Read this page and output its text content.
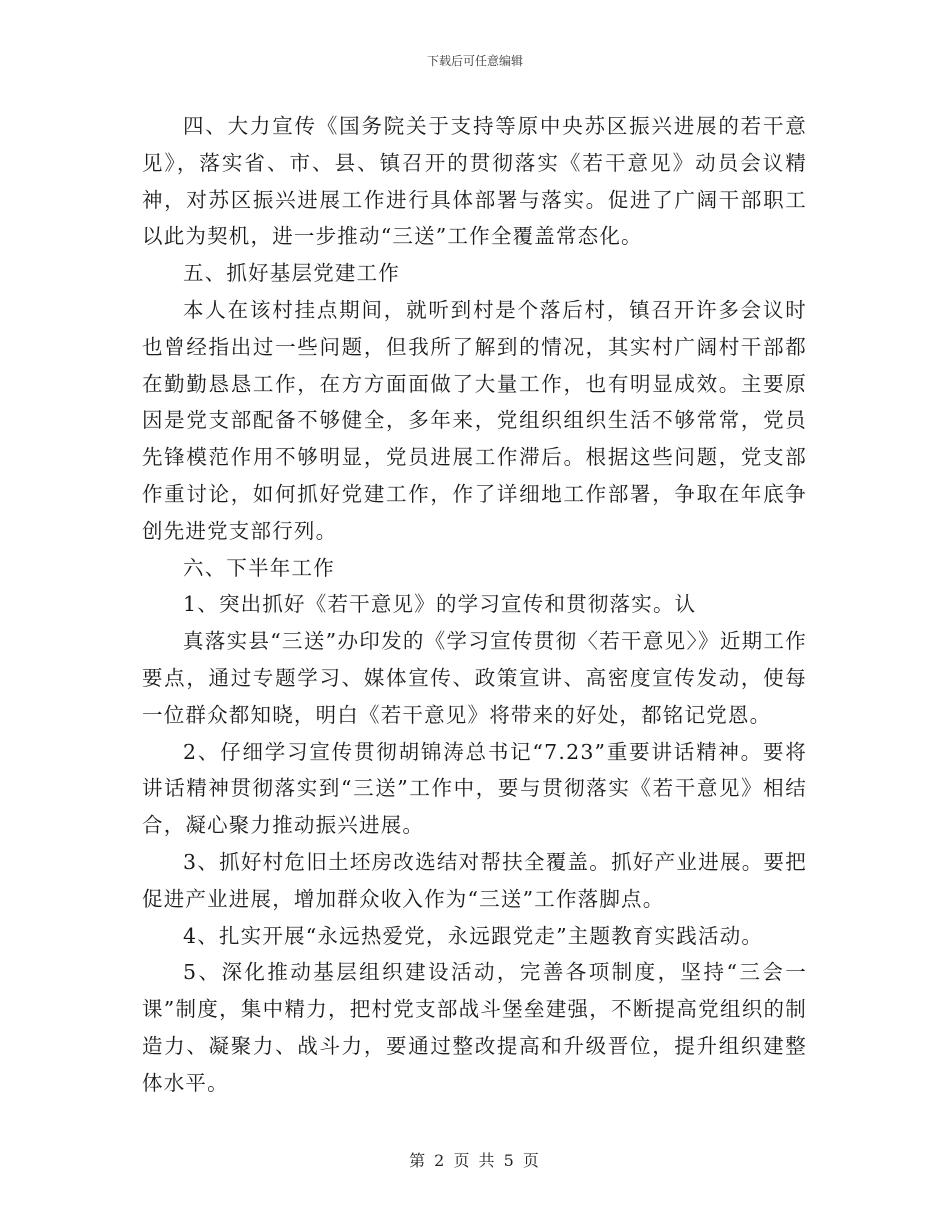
下载后可任意编辑

四、大力宣传《国务院关于支持等原中央苏区振兴进展的若干意见》，落实省、市、县、镇召开的贯彻落实《若干意见》动员会议精神，对苏区振兴进展工作进行具体部署与落实。促进了广阔干部职工以此为契机，进一步推动“三送”工作全覆盖常态化。

五、抓好基层党建工作

本人在该村挂点期间，就听到村是个落后村，镇召开许多会议时也曾经指出过一些问题，但我所了解到的情况，其实村广阔村干部都在勤勤恳恳工作，在方方面面做了大量工作，也有明显成效。主要原因是党支部配备不够健全，多年来，党组织组织生活不够常常，党员先锋模范作用不够明显，党员进展工作滞后。根据这些问题，党支部作重讨论，如何抓好党建工作，作了详细地工作部署，争取在年底争创先进党支部行列。

六、下半年工作

1、突出抓好《若干意见》的学习宣传和贯彻落实。认

真落实县“三送”办印发的《学习宣传贯彻〈若干意见〉》近期工作要点，通过专题学习、媒体宣传、政策宣讲、高密度宣传发动，使每一位群众都知晓，明白《若干意见》将带来的好处，都铭记党恩。

2、仔细学习宣传贯彻胡锦涛总书记“7.23”重要讲话精神。要将讲话精神贯彻落实到“三送”工作中，要与贯彻落实《若干意见》相结合，凝心聚力推动振兴进展。

3、抓好村危旧土坯房改选结对帮扶全覆盖。抓好产业进展。要把促进产业进展，增加群众收入作为“三送”工作落脚点。

4、扎实开展“永远热爱党，永远跟党走”主题教育实践活动。

5、深化推动基层组织建设活动，完善各项制度，坚持“三会一课”制度，集中精力，把村党支部战斗堡垒建强，不断提高党组织的制造力、凝聚力、战斗力，要通过整改提高和升级晋位，提升组织建整体水平。

第 2 页 共 5 页
